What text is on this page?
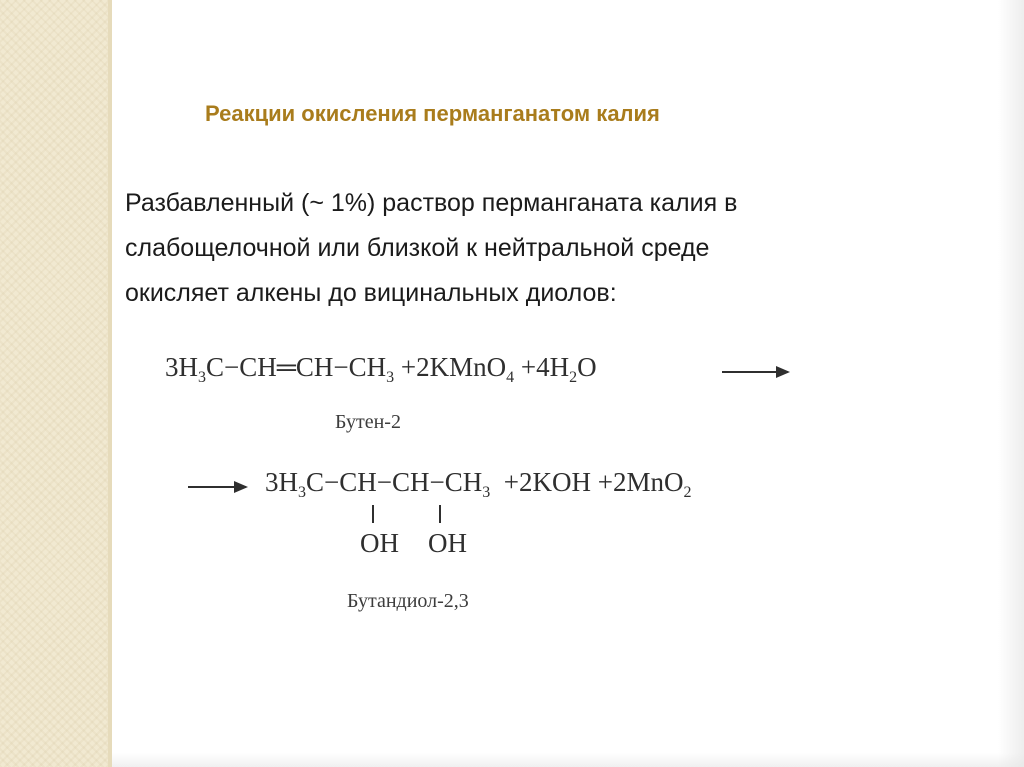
Реакции окисления перманганатом калия
Разбавленный (~ 1%) раствор перманганата калия в
слабощелочной или близкой к нейтральной среде
окисляет алкены до вицинальных диолов:
$3H_3C-CH═CH-CH_3$ +2KMnO$_4$ $+4H_2O$
Бутен-2
$3H_3C-CH-CH-CH_3 +2KOH +2MnO_2$
OH OH
Бутандиол-2,3
